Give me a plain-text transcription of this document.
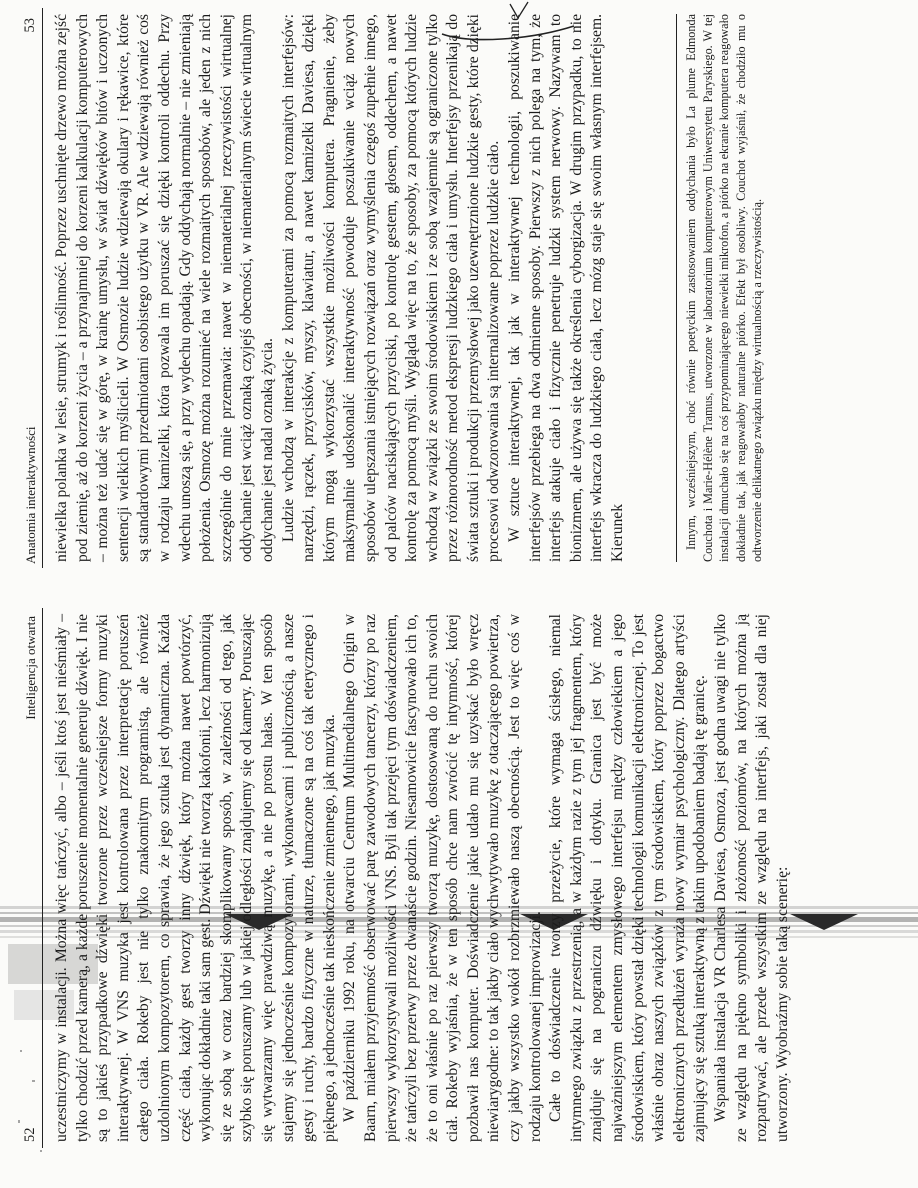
52
Inteligencja otwarta uczestniczymy w instalacji. Można więc tańczyć, albo – jeśli ktoś jest nieśmiały – tylko chodzić przed kamerą, a każde poruszenie momentalnie generuje dźwięk. I nie są to jakieś przypadkowe dźwięki tworzone przez wcześniejsze formy muzyki interaktywnej. W VNS muzyka jest kontrolowana przez interpretację poruszeń całego ciała. Rokeby jest nie tylko znakomitym programistą, ale również uzdolnionym kompozytorem, co sprawia, że jego sztuka jest dynamiczna. Każda część ciała, każdy gest tworzy inny dźwięk, który można nawet powtórzyć, wykonując dokładnie taki sam gest. Dźwięki nie tworzą kakofonii, lecz harmonizują się ze sobą w coraz bardziej skomplikowany sposób, w zależności od tego, jak szybko się poruszamy lub w jakiej odległości znajdujemy się od kamery. Poruszając się wytwarzamy więc prawdziwą muzykę, a nie po prostu hałas. W ten sposób stajemy się jednocześnie kompozytorami, wykonawcami i publicznością, a nasze gesty i ruchy, bardzo fizyczne w naturze, tłumaczone są na coś tak eterycznego i pięknego, a jednocześnie tak nieskończenie zmiennego, jak muzyka. W październiku 1992 roku, na otwarciu Centrum Multimedialnego Origin w Baarn, miałem przyjemność obserwować parę zawodowych tancerzy, którzy po raz pierwszy wykorzystywali możliwości VNS. Byli tak przejęci tym doświadczeniem, że tańczyli bez przerwy przez dwanaście godzin. Niesamowicie fascynowało ich to, że to oni właśnie po raz pierwszy tworzą muzykę, dostosowaną do ruchu swoich ciał. Rokeby wyjaśnia, że w ten sposób chce nam zwrócić tę intymność, której pozbawił nas komputer. Doświadczenie jakie udało mu się uzyskać było wręcz niewiarygodne: to tak jakby ciało wychwytywało muzykę z otaczającego powietrza, czy jakby wszystko wokół rozbrzmiewało naszą obecnością. Jest to więc coś w rodzaju kontrolowanej improwizacji. Całe to doświadczenie tworzy przeżycie, które wymaga ścisłego, niemal intymnego związku z przestrzenią, a w każdym razie z tym jej fragmentem, który znajduje się na pograniczu dźwięku i dotyku. Granica jest być może najważniejszym elementem zmysłowego interfejsu między człowiekiem a jego środowiskiem, który powstał dzięki technologii komunikacji elektronicznej. To jest właśnie obraz naszych związków z tym środowiskiem, który poprzez bogactwo elektronicznych przedłużeń wyraża nowy wymiar psychologiczny. Dlatego artyści zajmujący się sztuką interaktywną z takim upodobaniem badają tę granicę. Wspaniała instalacja VR Charlesa Daviesa, Osmoza, jest godna uwagi nie tylko ze względu na piękno symboliki i złożoność poziomów, na których można ją rozpatrywać, ale przede wszystkim ze względu na interfejs, jaki został dla niej utworzony. Wyobraźmy sobie taką scenerię:

Anatomia interaktywności
53 niewielka polanka w lesie, strumyk i roślinność. Poprzez uschnięte drzewo można zejść pod ziemię, aż do korzeni życia – a przynajmniej do korzeni kalkulacji komputerowych – można też udać się w górę, w krainę umysłu, w świat dźwięków bitów i uczonych sentencji wielkich myślicieli. W Osmozie ludzie wdziewają okulary i rękawice, które są standardowymi przedmiotami osobistego użytku w VR. Ale wdziewają również coś w rodzaju kamizelki, która pozwala im poruszać się dzięki kontroli oddechu. Przy wdechu unoszą się, a przy wydechu opadają. Gdy oddychają normalnie – nie zmieniają położenia. Osmozę można rozumieć na wiele rozmaitych sposobów, ale jeden z nich szczególnie do mnie przemawia: nawet w niematerialnej rzeczywistości wirtualnej oddychanie jest wciąż oznaką czyjejś obecności, w niematerialnym świecie wirtualnym oddychanie jest nadal oznaką życia. Ludzie wchodzą w interakcje z komputerami za pomocą rozmaitych interfejsów: narzędzi, rączek, przycisków, myszy, klawiatur, a nawet kamizelki Daviesa, dzięki którym mogą wykorzystać wszystkie możliwości komputera. Pragnienie, żeby maksymalnie udoskonalić interaktywność powoduje poszukiwanie wciąż nowych sposobów ulepszania istniejących rozwiązań oraz wymyślenia czegoś zupełnie innego, od palców naciskających przyciski, po kontrolę gestem, głosem, oddechem, a nawet kontrolę za pomocą myśli. Wygląda więc na to, że sposoby, za pomocą których ludzie wchodzą w związki ze swoim środowiskiem i ze sobą wzajemnie są ograniczone tylko przez różnorodność metod ekspresji ludzkiego ciała i umysłu. Interfejsy przenikają do świata sztuki i produkcji przemysłowej jako uzewnętrznione ludzkie gesty, które dzięki procesowi odwzorowania są internalizowane poprzez ludzkie ciało. W sztuce interaktywnej, tak jak w interaktywnej technologii, poszukiwanie interfejsów przebiega na dwa odmienne sposoby. Pierwszy z nich polega na tym, że interfejs atakuje ciało i fizycznie penetruje ludzki system nerwowy. Nazywam to bionizmem, ale używa się także określenia cyborgizacja. W drugim przypadku, to nie interfejs wkracza do ludzkiego ciała, lecz mózg staje się swoim własnym interfejsem. Kierunek	Innym, wcześniejszym, choć równie poetyckim zastosowaniem oddychania było La plume Edmonda Couchota i Marie-Hélène Tramus, utworzone w laboratorium komputerowym Uniwersytetu Paryskiego. W tej instalacji dmuchało się na coś przypominającego niewielki mikrofon, a piórko na ekranie komputera reagowało dokładnie tak, jak reagowałoby naturalne piórko. Efekt był osobliwy. Couchot wyjaśnił, że chodziło mu o odtworzenie delikatnego związku między wirtualnością a rzeczywistością.
